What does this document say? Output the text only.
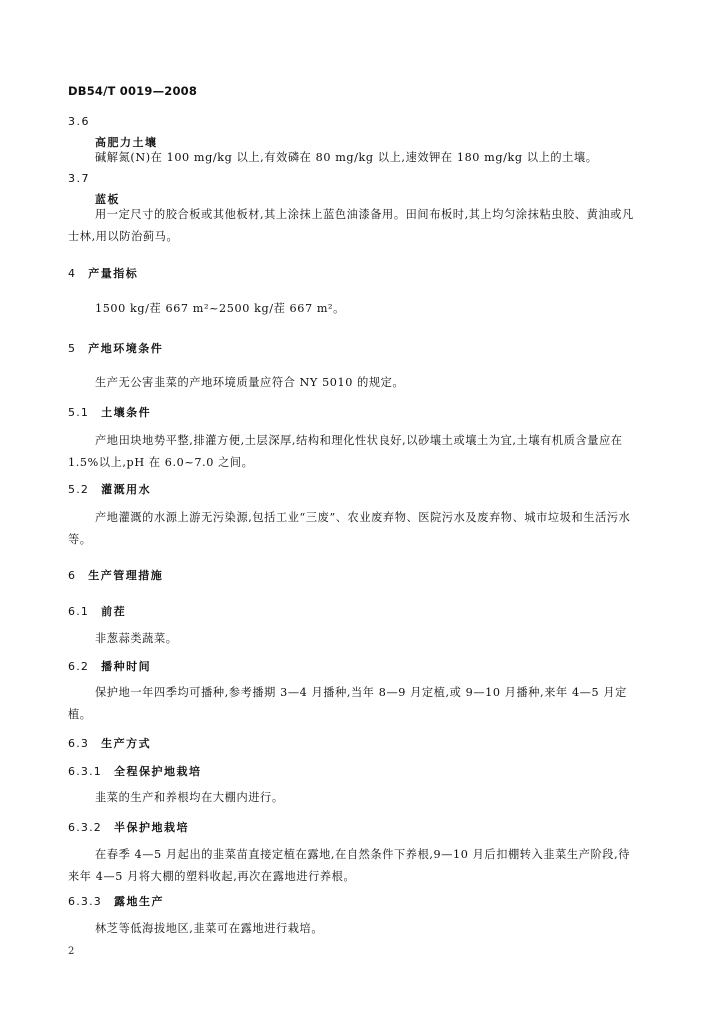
DB54/T 0019—2008
3.6
高肥力土壤

碱解氮(N)在 100 mg/kg 以上,有效磷在 80 mg/kg 以上,速效钾在 180 mg/kg 以上的土壤。

3.7
蓝板

用一定尺寸的胶合板或其他板材,其上涂抹上蓝色油漆备用。田间布板时,其上均匀涂抹粘虫胶、黄油或凡士林,用以防治蓟马。

4 产量指标

1500 kg/茬 667 m²~2500 kg/茬 667 m²。

5 产地环境条件

生产无公害韭菜的产地环境质量应符合 NY 5010 的规定。

5.1 土壤条件

产地田块地势平整,排灌方便,土层深厚,结构和理化性状良好,以砂壤土或壤土为宜,土壤有机质含量应在 1.5%以上,pH 在 6.0~7.0 之间。

5.2 灌溉用水

产地灌溉的水源上游无污染源,包括工业“三废”、农业废弃物、医院污水及废弃物、城市垃圾和生活污水等。

6 生产管理措施
6.1 前茬

非葱蒜类蔬菜。

6.2 播种时间

保护地一年四季均可播种,参考播期 3—4 月播种,当年 8—9 月定植,或 9—10 月播种,来年 4—5 月定植。

6.3 生产方式
6.3.1 全程保护地栽培

韭菜的生产和养根均在大棚内进行。

6.3.2 半保护地栽培

在春季 4—5 月起出的韭菜苗直接定植在露地,在自然条件下养根,9—10 月后扣棚转入韭菜生产阶段,待来年 4—5 月将大棚的塑料收起,再次在露地进行养根。

6.3.3 露地生产

林芝等低海拔地区,韭菜可在露地进行栽培。

2
